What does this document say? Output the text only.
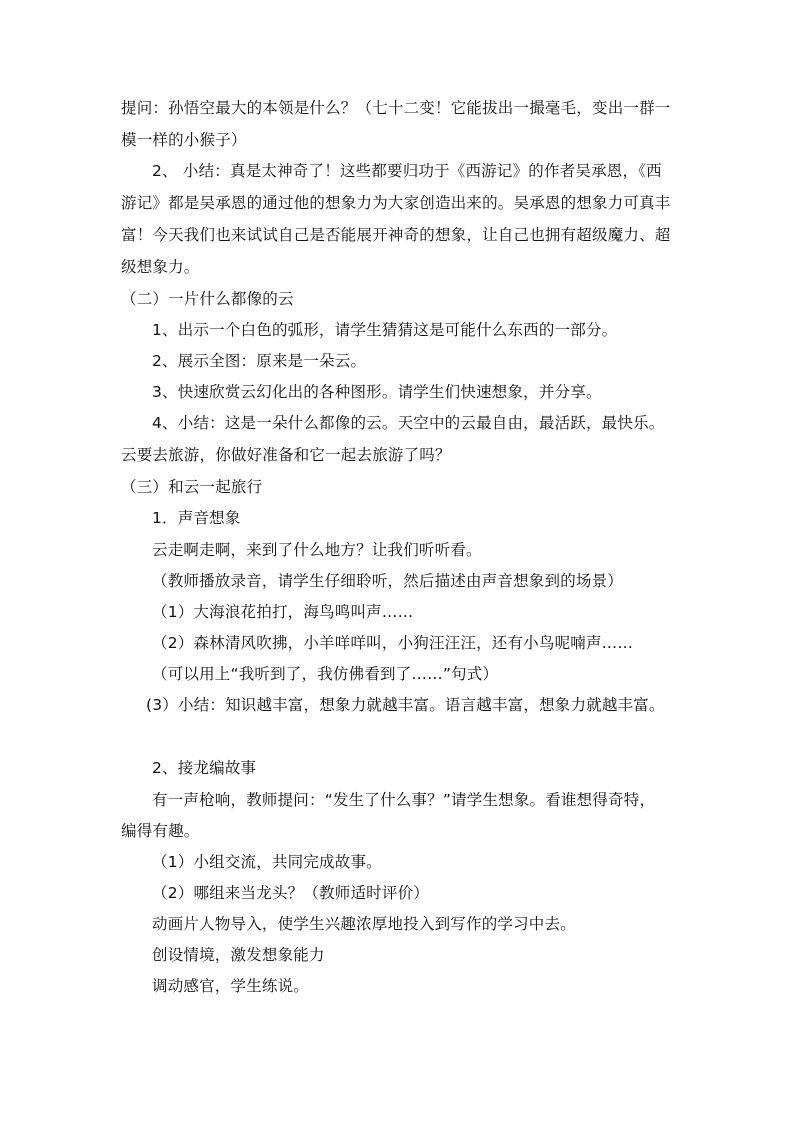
提问：孙悟空最大的本领是什么？（七十二变！它能拔出一撮毫毛，变出一群一
模一样的小猴子）
2、 小结：真是太神奇了！这些都要归功于《西游记》的作者吴承恩，《西
游记》都是吴承恩的通过他的想象力为大家创造出来的。吴承恩的想象力可真丰
富！今天我们也来试试自己是否能展开神奇的想象，让自己也拥有超级魔力、超
级想象力。
（二）一片什么都像的云
1、出示一个白色的弧形，请学生猜猜这是可能什么东西的一部分。
2、展示全图：原来是一朵云。
3、快速欣赏云幻化出的各种图形。请学生们快速想象，并分享。
4、小结：这是一朵什么都像的云。天空中的云最自由，最活跃，最快乐。
云要去旅游，你做好准备和它一起去旅游了吗？
（三）和云一起旅行
1．声音想象
云走啊走啊，来到了什么地方？让我们听听看。
（教师播放录音，请学生仔细聆听，然后描述由声音想象到的场景）
（1）大海浪花拍打，海鸟鸣叫声……
（2）森林清风吹拂，小羊咩咩叫，小狗汪汪汪，还有小鸟呢喃声……
（可以用上“我听到了，我仿佛看到了……”句式）
(3）小结：知识越丰富，想象力就越丰富。语言越丰富，想象力就越丰富。
2、接龙编故事
有一声枪响，教师提问：“发生了什么事？”请学生想象。看谁想得奇特，
编得有趣。
（1）小组交流，共同完成故事。
（2）哪组来当龙头？（教师适时评价）
动画片人物导入，使学生兴趣浓厚地投入到写作的学习中去。
创设情境，激发想象能力
调动感官，学生练说。
